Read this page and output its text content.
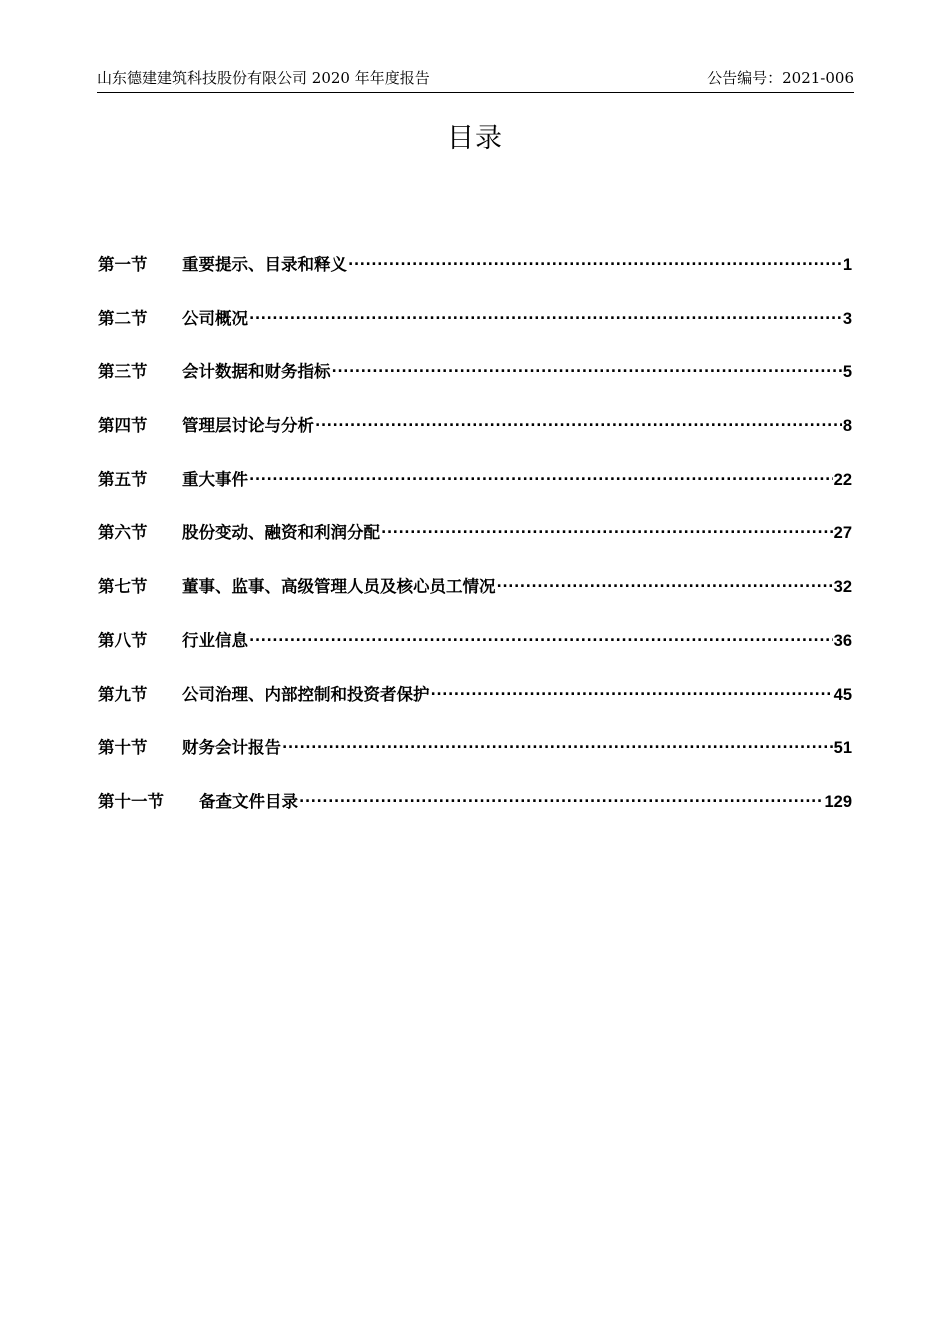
山东德建建筑科技股份有限公司 2020 年年度报告	公告编号：2021-006
目录
第一节	重要提示、目录和释义 .....	1
第二节	公司概况 .....	3
第三节	会计数据和财务指标 .....	5
第四节	管理层讨论与分析 .....	8
第五节	重大事件 .....	22
第六节	股份变动、融资和利润分配 .....	27
第七节	董事、监事、高级管理人员及核心员工情况 .....	32
第八节	行业信息 .....	36
第九节	公司治理、内部控制和投资者保护 .....	45
第十节	财务会计报告 .....	51
第十一节	备查文件目录 .....	129
